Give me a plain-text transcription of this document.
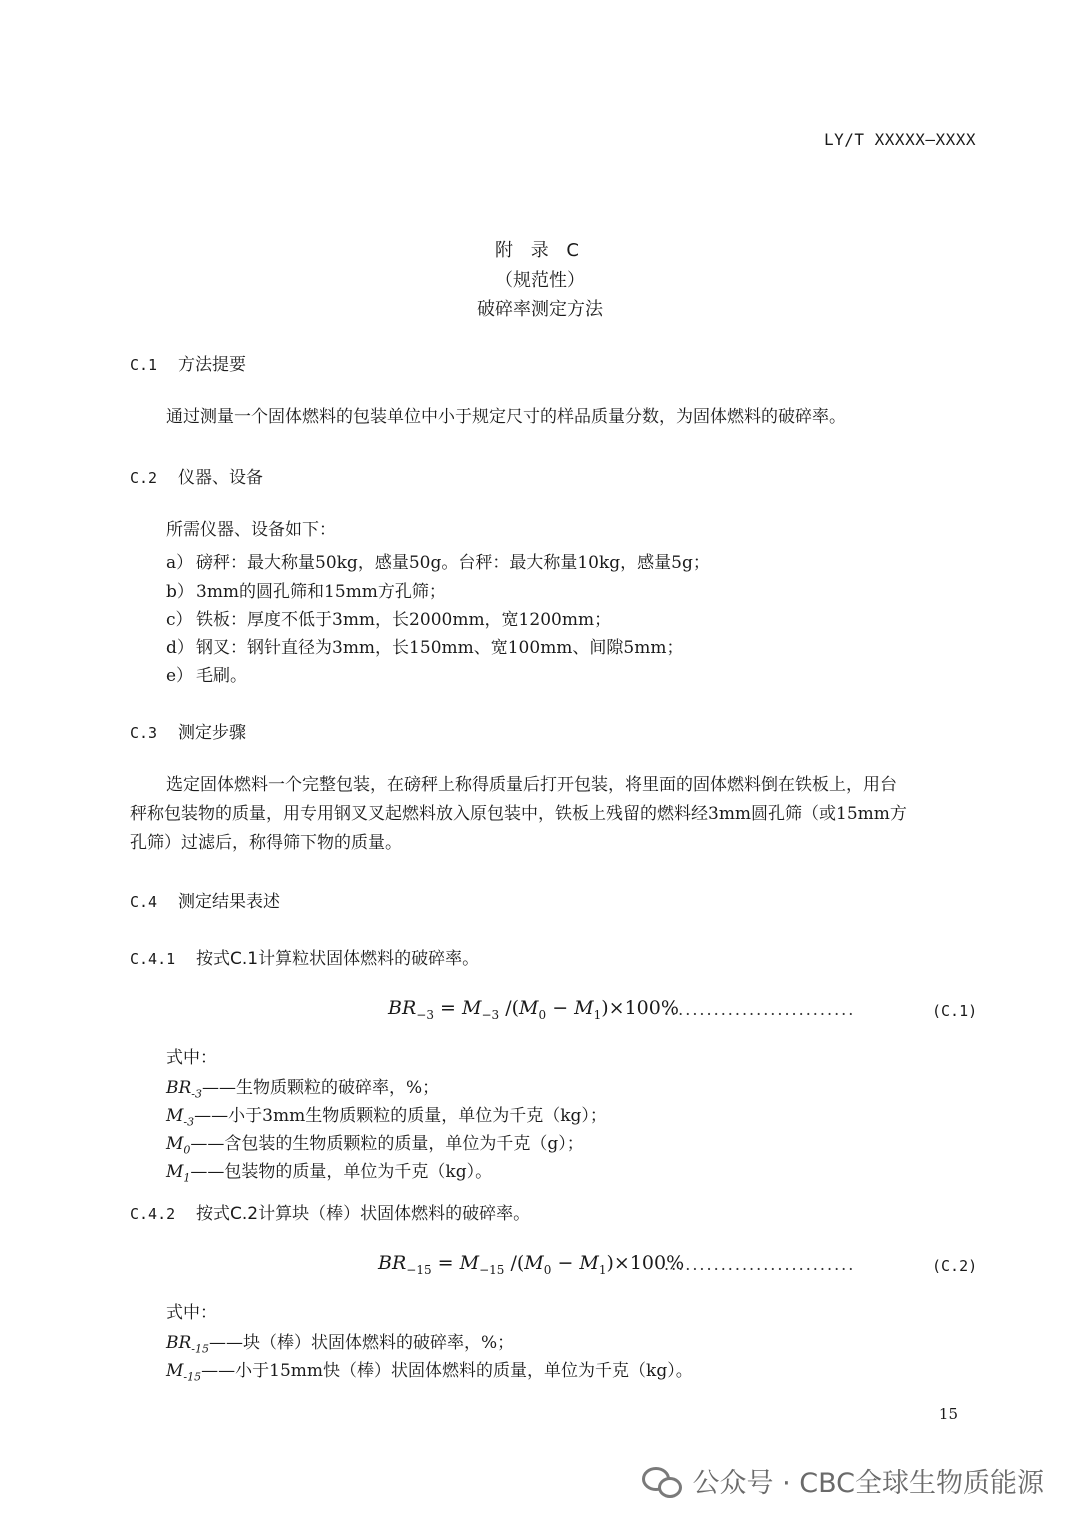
LY/T XXXXX—XXXX
附 录 C
（规范性）
破碎率测定方法
C.1 方法提要
通过测量一个固体燃料的包装单位中小于规定尺寸的样品质量分数，为固体燃料的破碎率。
C.2 仪器、设备
所需仪器、设备如下：
a） 磅秤：最大称量50kg，感量50g。台秤：最大称量10kg，感量5g；
b） 3mm的圆孔筛和15mm方孔筛；
c） 铁板：厚度不低于3mm，长2000mm，宽1200mm；
d） 钢叉：钢针直径为3mm，长150mm、宽100mm、间隙5mm；
e） 毛刷。
C.3 测定步骤
选定固体燃料一个完整包装，在磅秤上称得质量后打开包装，将里面的固体燃料倒在铁板上，用台
秤称包装物的质量，用专用钢叉叉起燃料放入原包装中，铁板上残留的燃料经3mm圆孔筛（或15mm方
孔筛）过滤后，称得筛下物的质量。
C.4 测定结果表述
C.4.1 按式C.1计算粒状固体燃料的破碎率。
$BR_{-3} = M_{-3}$ $/(M_0 - M_1)\times 100\%$
...........................	(C.1)
式中：
$BR_{-3}——$生物质颗粒的破碎率，%；
$M_{-3}——$小于3mm生物质颗粒的质量，单位为千克（kg）；
$M_0——$含包装的生物质颗粒的质量，单位为千克（g）；
$M_1——$包装物的质量，单位为千克（kg）。
C.4.2 按式C.2计算块（棒）状固体燃料的破碎率。
$BR_{-15} = M_{-15}$ $/(M_0 - M_1)\times 100\%$
...........................	(C.2)
式中：
$BR_{-15}——$块（棒）状固体燃料的破碎率，%；
$M_{-15}——$小于15mm快（棒）状固体燃料的质量，单位为千克（kg）。
15
公众号 · CBC全球生物质能源
